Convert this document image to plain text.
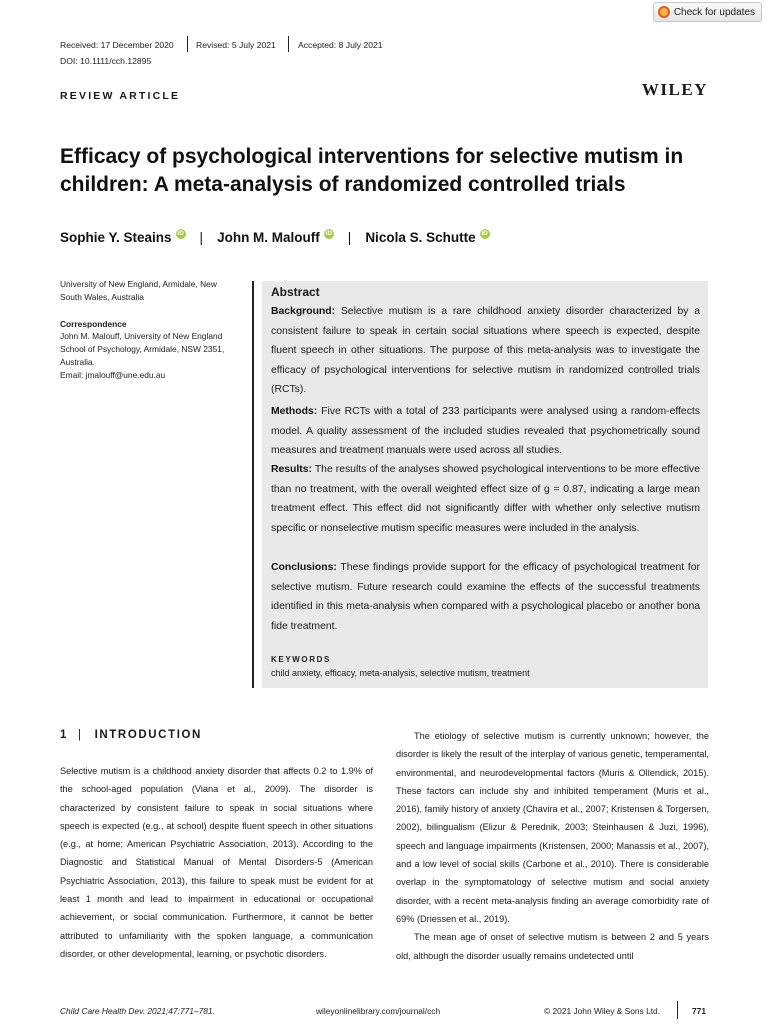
Check for updates
Received: 17 December 2020	Revised: 5 July 2021	Accepted: 8 July 2021
DOI: 10.1111/cch.12895
REVIEW ARTICLE	WILEY
Efficacy of psychological interventions for selective mutism in children: A meta-analysis of randomized controlled trials
Sophie Y. Steains iD | John M. Malouff iD | Nicola S. Schutte iD
University of New England, Armidale, New South Wales, Australia
Correspondence
John M. Malouff, University of New England School of Psychology, Armidale, NSW 2351, Australia.
Email: jmalouff@une.edu.au
Abstract
Background: Selective mutism is a rare childhood anxiety disorder characterized by a consistent failure to speak in certain social situations where speech is expected, despite fluent speech in other situations. The purpose of this meta-analysis was to investigate the efficacy of psychological interventions for selective mutism in randomized controlled trials (RCTs).
Methods: Five RCTs with a total of 233 participants were analysed using a random-effects model. A quality assessment of the included studies revealed that psychometrically sound measures and treatment manuals were used across all studies.
Results: The results of the analyses showed psychological interventions to be more effective than no treatment, with the overall weighted effect size of g = 0.87, indicating a large mean treatment effect. This effect did not significantly differ with whether only selective mutism specific or nonselective mutism specific measures were included in the analysis.
Conclusions: These findings provide support for the efficacy of psychological treatment for selective mutism. Future research could examine the effects of the successful treatments identified in this meta-analysis when compared with a psychological placebo or another bona fide treatment.
KEYWORDS
child anxiety, efficacy, meta-analysis, selective mutism, treatment
1 | INTRODUCTION
Selective mutism is a childhood anxiety disorder that affects 0.2 to 1.9% of the school-aged population (Viana et al., 2009). The disorder is characterized by consistent failure to speak in social situations where speech is expected (e.g., at school) despite fluent speech in other situations (e.g., at home; American Psychiatric Association, 2013). According to the Diagnostic and Statistical Manual of Mental Disorders-5 (American Psychiatric Association, 2013), this failure to speak must be evident for at least 1 month and lead to impairment in educational or occupational achievement, or social communication. Furthermore, it cannot be better attributed to unfamiliarity with the spoken language, a communication disorder, or other developmental, learning, or psychotic disorders.
The etiology of selective mutism is currently unknown; however, the disorder is likely the result of the interplay of various genetic, temperamental, environmental, and neurodevelopmental factors (Muris & Ollendick, 2015). These factors can include shy and inhibited temperament (Muris et al., 2016), family history of anxiety (Chavira et al., 2007; Kristensen & Torgersen, 2002), bilingualism (Elizur & Perednik, 2003; Steinhausen & Juzi, 1996), speech and language impairments (Kristensen, 2000; Manassis et al., 2007), and a low level of social skills (Carbone et al., 2010). There is considerable overlap in the symptomatology of selective mutism and social anxiety disorder, with a recent meta-analysis finding an average comorbidity rate of 69% (Driessen et al., 2019).
The mean age of onset of selective mutism is between 2 and 5 years old, although the disorder usually remains undetected until
Child Care Health Dev. 2021;47:771–781.	wileyonlinelibrary.com/journal/cch	© 2021 John Wiley & Sons Ltd.	771
